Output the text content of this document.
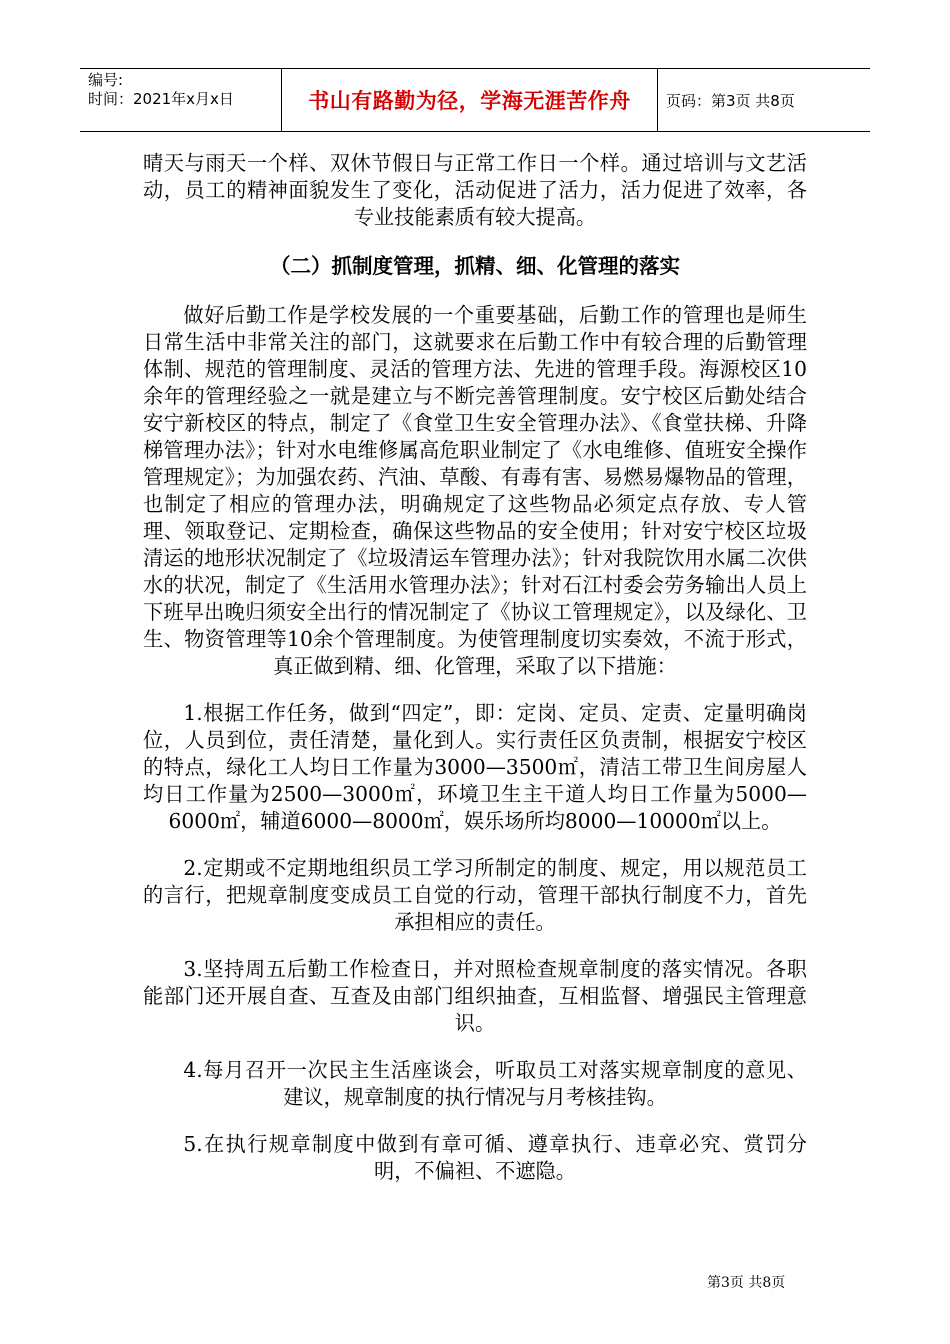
编号:
时间：2021年x月x日	书山有路勤为径，学海无涯苦作舟	页码：第3页 共8页

晴天与雨天一个样、双休节假日与正常工作日一个样。通过培训与文艺活动，员工的精神面貌发生了变化，活动促进了活力，活力促进了效率，各专业技能素质有较大提高。

（二）抓制度管理，抓精、细、化管理的落实

做好后勤工作是学校发展的一个重要基础，后勤工作的管理也是师生日常生活中非常关注的部门，这就要求在后勤工作中有较合理的后勤管理体制、规范的管理制度、灵活的管理方法、先进的管理手段。海源校区10余年的管理经验之一就是建立与不断完善管理制度。安宁校区后勤处结合安宁新校区的特点，制定了《食堂卫生安全管理办法》、《食堂扶梯、升降梯管理办法》；针对水电维修属高危职业制定了《水电维修、值班安全操作管理规定》；为加强农药、汽油、草酸、有毒有害、易燃易爆物品的管理，也制定了相应的管理办法，明确规定了这些物品必须定点存放、专人管理、领取登记、定期检查，确保这些物品的安全使用；针对安宁校区垃圾清运的地形状况制定了《垃圾清运车管理办法》；针对我院饮用水属二次供水的状况，制定了《生活用水管理办法》；针对石江村委会劳务输出人员上下班早出晚归须安全出行的情况制定了《协议工管理规定》，以及绿化、卫生、物资管理等10余个管理制度。为使管理制度切实奏效，不流于形式，真正做到精、细、化管理，采取了以下措施：

1.根据工作任务，做到“四定”，即：定岗、定员、定责、定量明确岗位，人员到位，责任清楚，量化到人。实行责任区负责制，根据安宁校区的特点，绿化工人均日工作量为3000—3500㎡，清洁工带卫生间房屋人均日工作量为2500—3000㎡，环境卫生主干道人均日工作量为5000—6000㎡，辅道6000—8000㎡，娱乐场所均8000—10000㎡以上。

2.定期或不定期地组织员工学习所制定的制度、规定，用以规范员工的言行，把规章制度变成员工自觉的行动，管理干部执行制度不力，首先承担相应的责任。

3.坚持周五后勤工作检查日，并对照检查规章制度的落实情况。各职能部门还开展自查、互查及由部门组织抽查，互相监督、增强民主管理意识。

4.每月召开一次民主生活座谈会，听取员工对落实规章制度的意见、建议，规章制度的执行情况与月考核挂钩。

5.在执行规章制度中做到有章可循、遵章执行、违章必究、赏罚分明，不偏袒、不遮隐。

第3页 共8页
